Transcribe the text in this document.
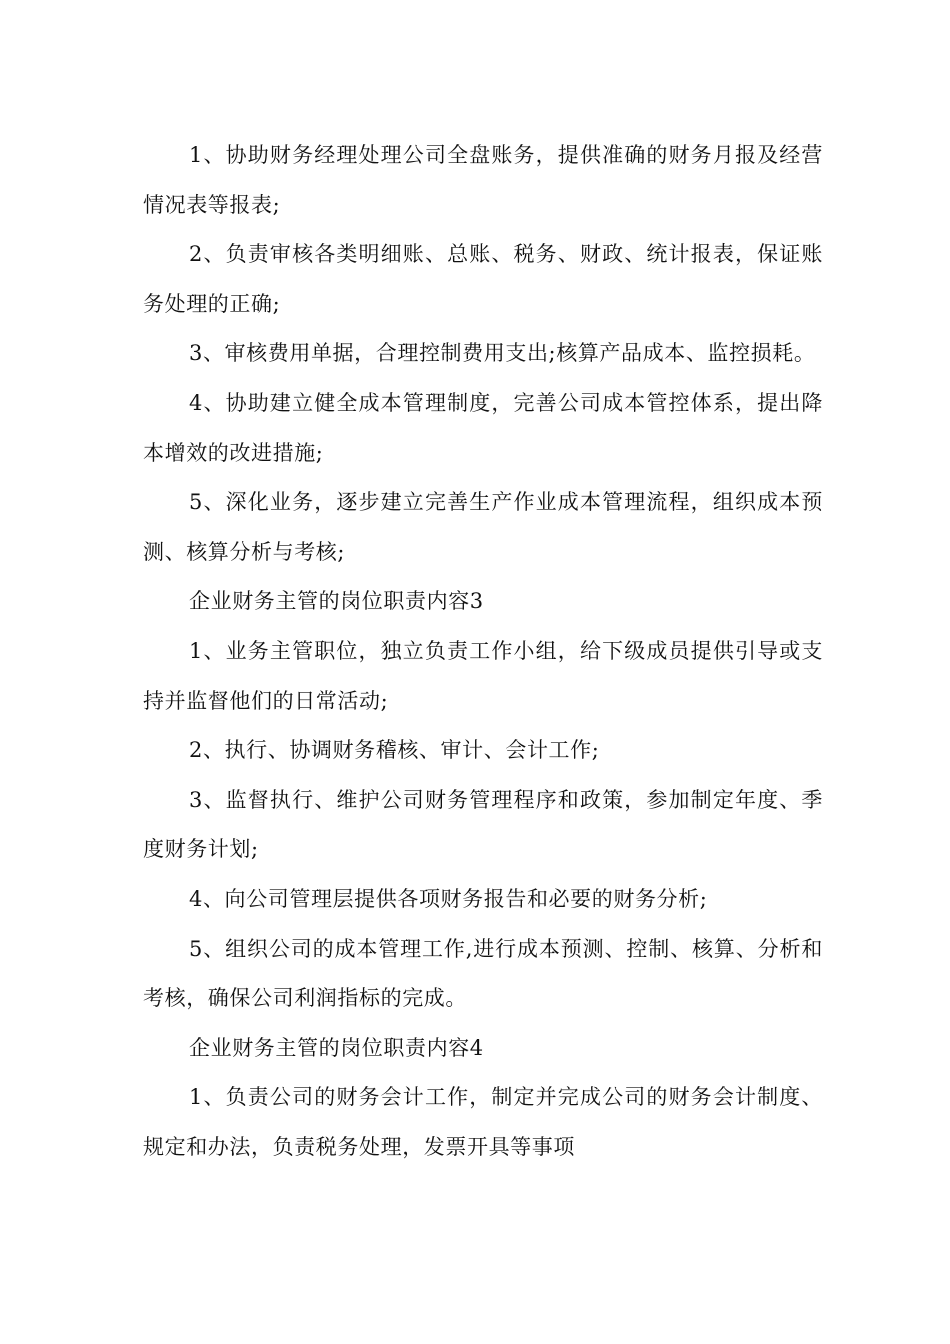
1、协助财务经理处理公司全盘账务，提供准确的财务月报及经营情况表等报表;

2、负责审核各类明细账、总账、税务、财政、统计报表，保证账务处理的正确;

3、审核费用单据，合理控制费用支出;核算产品成本、监控损耗。

4、协助建立健全成本管理制度，完善公司成本管控体系，提出降本增效的改进措施;

5、深化业务，逐步建立完善生产作业成本管理流程，组织成本预测、核算分析与考核;

企业财务主管的岗位职责内容3

1、业务主管职位，独立负责工作小组，给下级成员提供引导或支持并监督他们的日常活动;

2、执行、协调财务稽核、审计、会计工作;

3、监督执行、维护公司财务管理程序和政策，参加制定年度、季度财务计划;

4、向公司管理层提供各项财务报告和必要的财务分析;

5、组织公司的成本管理工作,进行成本预测、控制、核算、分析和考核，确保公司利润指标的完成。

企业财务主管的岗位职责内容4

1、负责公司的财务会计工作，制定并完成公司的财务会计制度、规定和办法，负责税务处理，发票开具等事项
